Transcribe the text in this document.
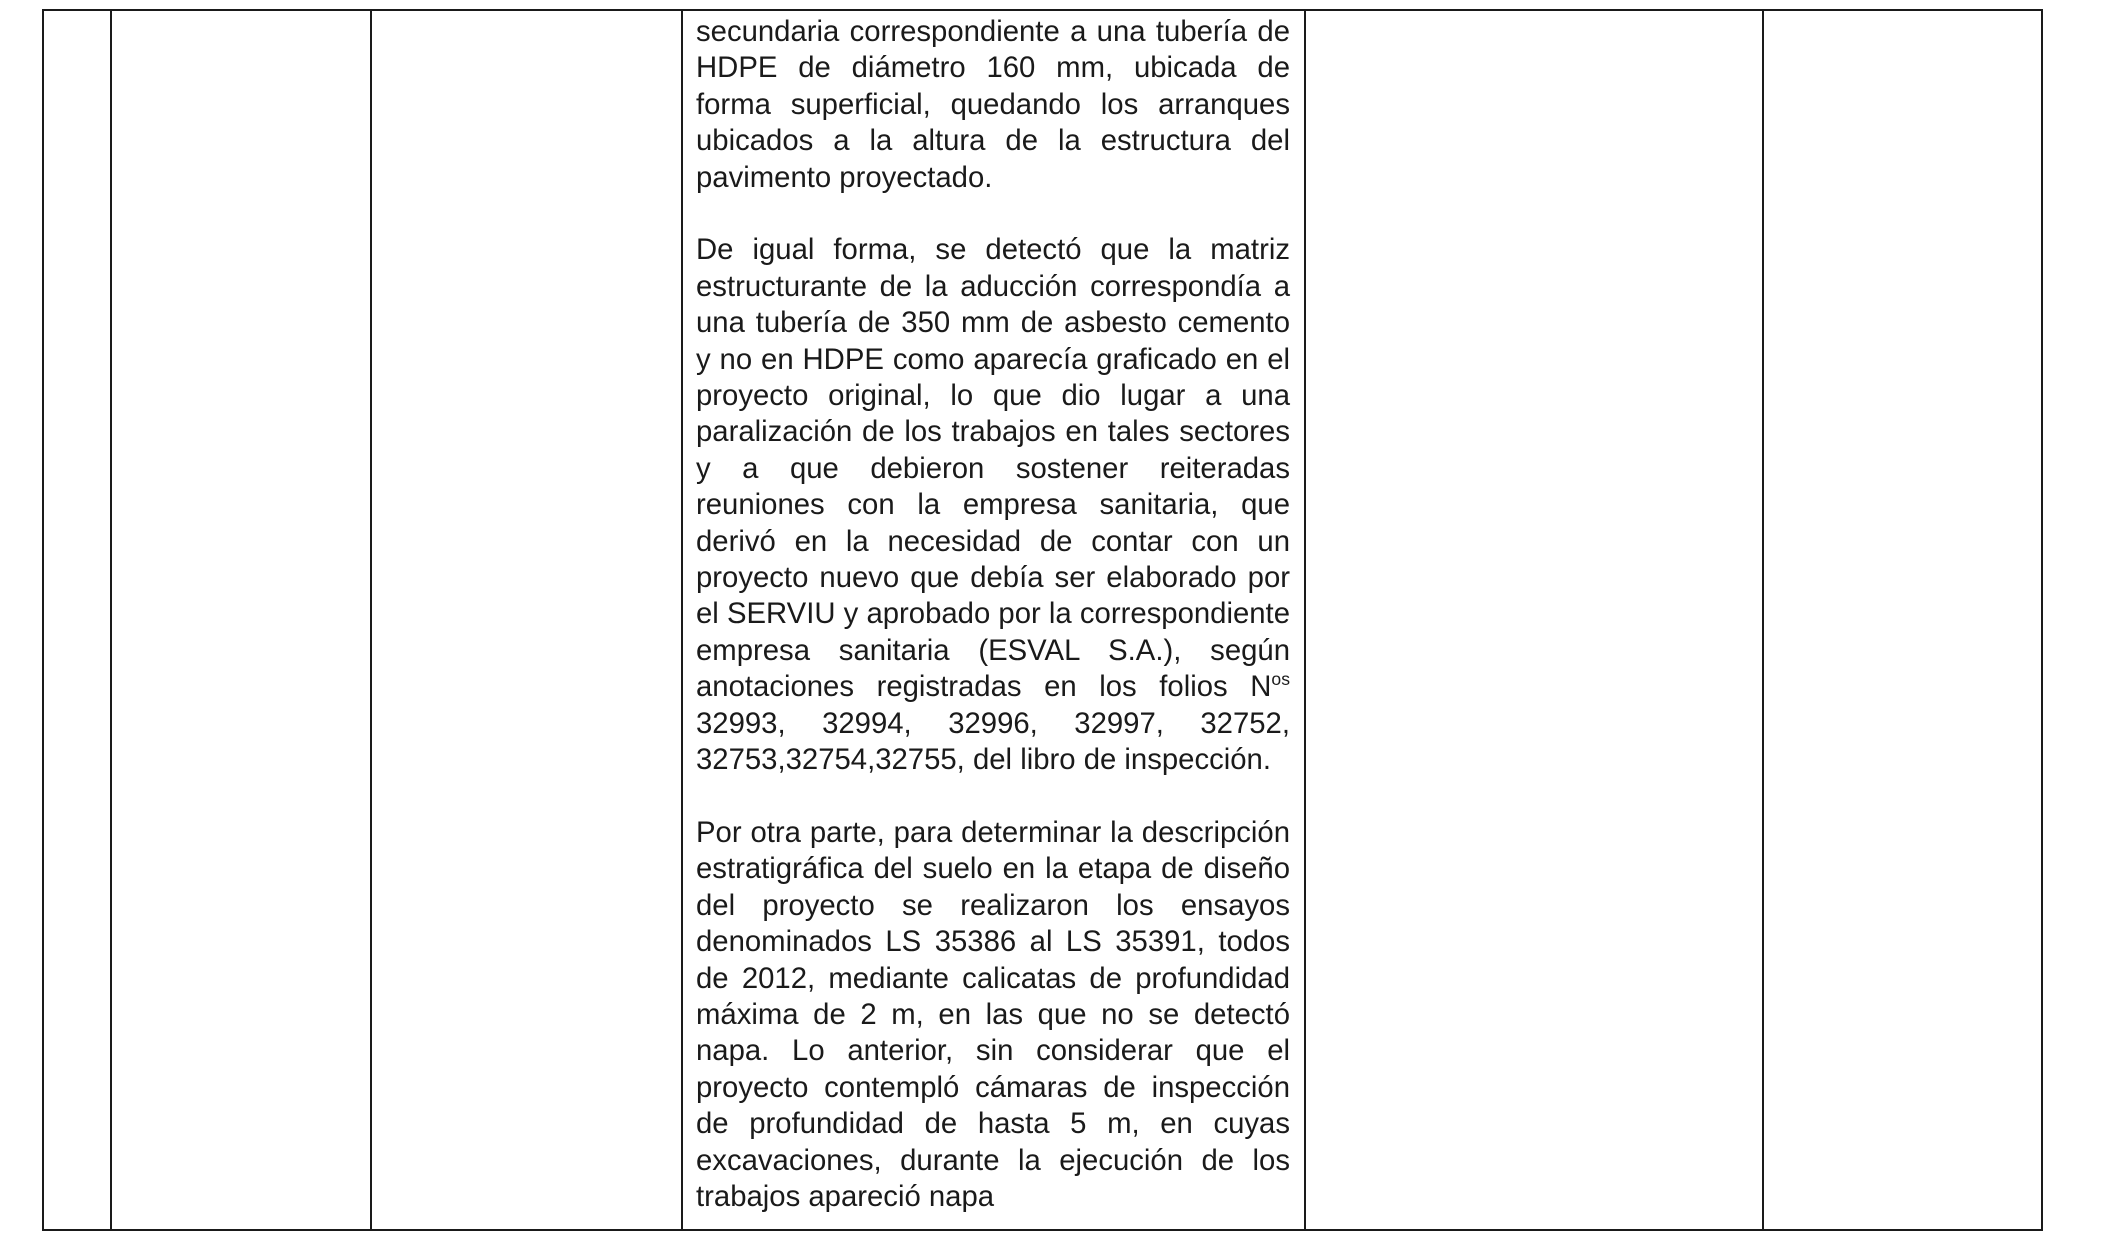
secundaria correspondiente a una tubería de HDPE de diámetro 160 mm, ubicada de forma superficial, quedando los arranques ubicados a la altura de la estructura del pavimento proyectado.

De igual forma, se detectó que la matriz estructurante de la aducción correspondía a una tubería de 350 mm de asbesto cemento y no en HDPE como aparecía graficado en el proyecto original, lo que dio lugar a una paralización de los trabajos en tales sectores y a que debieron sostener reiteradas reuniones con la empresa sanitaria, que derivó en la necesidad de contar con un proyecto nuevo que debía ser elaborado por el SERVIU y aprobado por la correspondiente empresa sanitaria (ESVAL S.A.), según anotaciones registradas en los folios $N^{os}$ 32993, 32994, 32996, 32997, 32752, 32753,32754,32755, del libro de inspección.

Por otra parte, para determinar la descripción estratigráfica del suelo en la etapa de diseño del proyecto se realizaron los ensayos denominados LS 35386 al LS 35391, todos de 2012, mediante calicatas de profundidad máxima de 2 m, en las que no se detectó napa. Lo anterior, sin considerar que el proyecto contempló cámaras de inspección de profundidad de hasta 5 m, en cuyas excavaciones, durante la ejecución de los trabajos apareció napa
